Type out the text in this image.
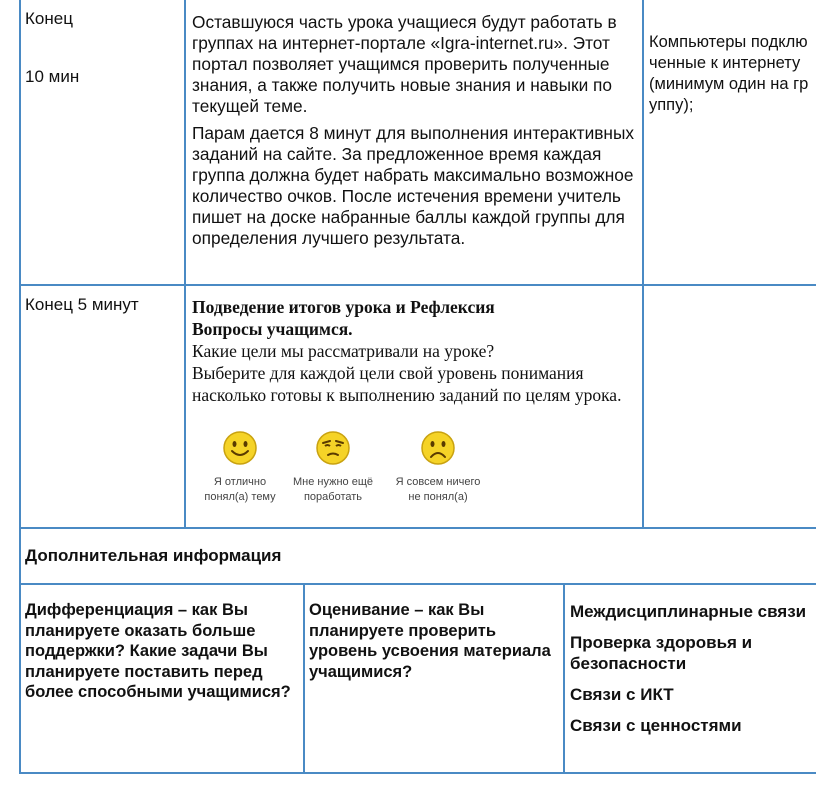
Конец

10 мин

Оставшуюся часть урока учащиеся будут работать в группах на интернет-портале «Igra-internet.ru». Этот портал позволяет учащимся проверить полученные знания, а также получить новые знания и навыки по текущей теме.

Парам дается 8 минут для выполнения интерактивных заданий на сайте. За предложенное время каждая группа должна будет набрать максимально возможное количество очков. После истечения времени учитель пишет на доске набранные баллы каждой группы для определения лучшего результата.

Компьютеры подключенные к интернету(минимум один на группу);

Конец 5 минут	Подведение итогов урока и Рефлексия

Вопросы учащимся.

Какие цели мы рассматривали на уроке?

Выберите для каждой цели свой уровень понимания насколько готовы к выполнению заданий по целям урока.

Я отлично
понял(а) тему
Мне нужно ещё
поработать
Я совсем ничего
не понял(а)
Дополнительная информация

Дифференциация – как Вы планируете оказать больше поддержки? Какие задачи Вы планируете поставить перед более способными учащимися?

Оценивание – как Вы планируете проверить уровень усвоения материала учащимися?

Междисциплинарные связи

Проверка здоровья и безопасности

Связи с ИКТ

Связи с ценностями
